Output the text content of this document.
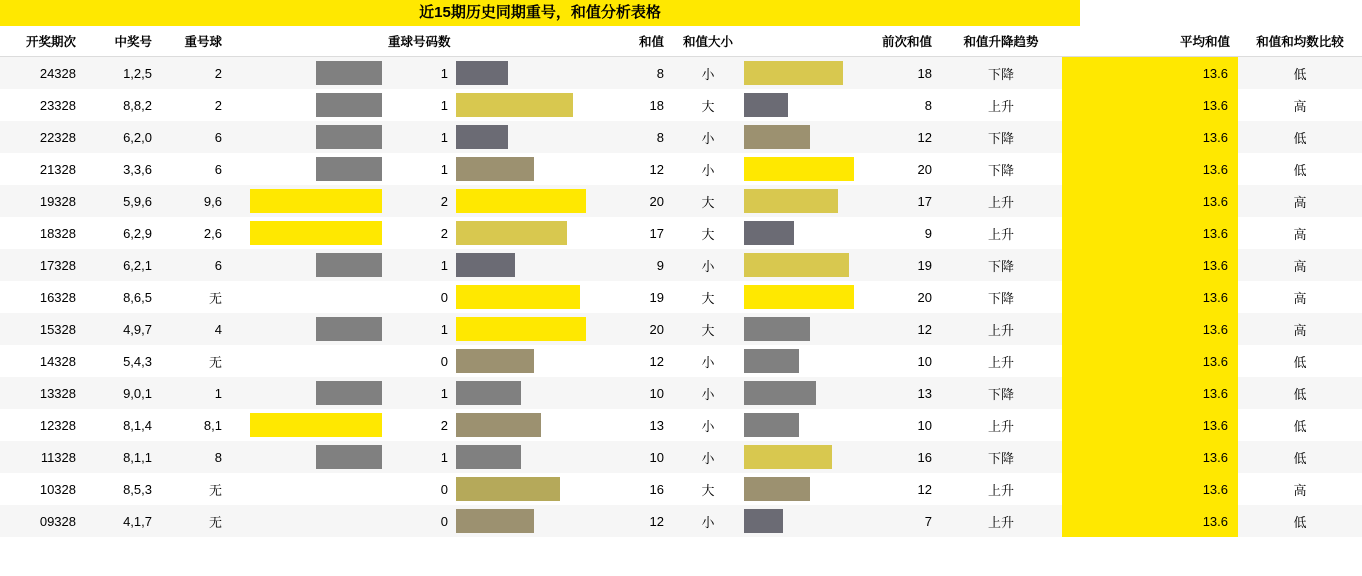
近15期历史同期重号，和值分析表格
开奖期次	中奖号	重号球		重球号码数		和值	和值大小		前次和值	和值升降趋势		平均和值	和值和均数比较
24328	1,2,5	2		1		8	小		18	下降		13.6	低
23328	8,8,2	2		1		18	大		8	上升		13.6	高
22328	6,2,0	6		1		8	小		12	下降		13.6	低
21328	3,3,6	6		1		12	小		20	下降		13.6	低
19328	5,9,6	9,6		2		20	大		17	上升		13.6	高
18328	6,2,9	2,6		2		17	大		9	上升		13.6	高
17328	6,2,1	6		1		9	小		19	下降		13.6	高
16328	8,6,5	无		0		19	大		20	下降		13.6	高
15328	4,9,7	4		1		20	大		12	上升		13.6	高
14328	5,4,3	无		0		12	小		10	上升		13.6	低
13328	9,0,1	1		1		10	小		13	下降		13.6	低
12328	8,1,4	8,1		2		13	小		10	上升		13.6	低
11328	8,1,1	8		1		10	小		16	下降		13.6	低
10328	8,5,3	无		0		16	大		12	上升		13.6	高
09328	4,1,7	无		0		12	小		7	上升		13.6	低
